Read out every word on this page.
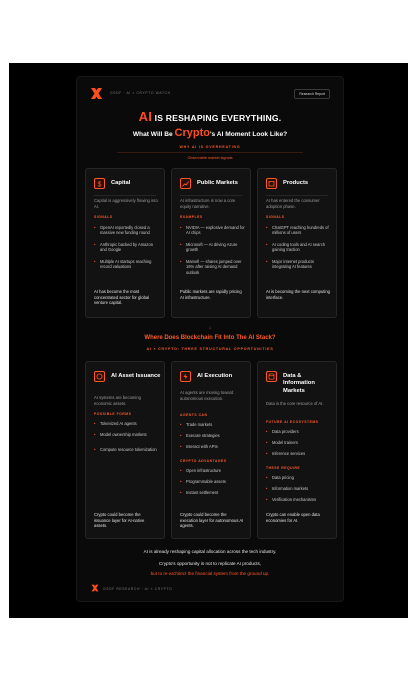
GSDF · AI × CRYPTO WATCH	Research Report
AI IS RESHAPING EVERYTHING.
What Will Be Crypto's AI Moment Look Like?
WHY AI IS OVERHEATING
Observable market signals
↓
Where Does Blockchain Fit Into The AI Stack?
AI × CRYPTO: THREE STRUCTURAL OPPORTUNITIES
AI is already reshaping capital allocation across the tech industry.
Crypto's opportunity is not to replicate AI products,
but to re-architect the financial system from the ground up.
GSDF RESEARCH · AI × CRYPTO
$ Capital
Capital is aggressively flowing into AI.
SIGNALS
•	OpenAI reportedly closed a massive new funding round
•	Anthropic backed by Amazon and Google
•	Multiple AI startups reaching record valuations
AI has become the most concentrated sector for global venture capital.
Public Markets
AI infrastructure is now a core equity narrative.
EXAMPLES
•	NVIDIA — explosive demand for AI chips
•	Microsoft — AI driving Azure growth
•	Marvell — shares jumped over 16% after raising AI demand outlook
Public markets are rapidly pricing AI infrastructure.
Products
AI has entered the consumer adoption phase.
SIGNALS
•	ChatGPT reaching hundreds of millions of users
•	AI coding tools and AI search gaining traction
•	Major internet products integrating AI features
AI is becoming the next computing interface.
AI Asset Issuance
AI systems are becoming economic assets.
POSSIBLE FORMS
•	Tokenized AI agents
•	Model ownership markets
•	Compute resource tokenization
Crypto could become the issuance layer for AI-native assets.
AI Execution
AI agents are moving toward autonomous execution.
AGENTS CAN
•	Trade markets
•	Execute strategies
•	Interact with APIs
CRYPTO ADVANTAGES
•	Open infrastructure
•	Programmable assets
•	Instant settlement
Crypto could become the execution layer for autonomous AI agents.
Data & Information Markets
Data is the core resource of AI.
FUTURE AI ECOSYSTEMS
•	Data providers
•	Model trainers
•	Inference services
THESE REQUIRE
•	Data pricing
•	Information markets
•	Verification mechanisms
Crypto can enable open data economies for AI.
